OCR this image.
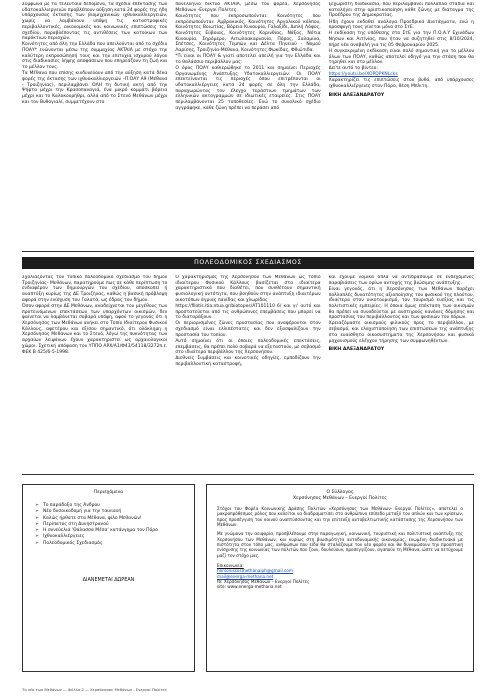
Σύμφωνα με τα τελευταία δεδομένα, τα σχέδια επέκτασης των υδατοκαλλιεργειών προβλέπουν αύξηση κατά 24 φορές της ήδη υπάρχουσας έκτασης των βιομηχανικών ιχθυοκαλλιεργειών, χωρίς να λαμβάνουν υπόψη τις καταστροφικές περιβαλλοντικές, οικονομικές και κοινωνικές επιπτώσεις του σχεδίου, παραβλέποντας τις αντιθέσεις των κατοίκων των παρόκτιων περιοχών.

Κοινότητες από όλη την Ελλάδα που απειλούνται από το σχέδιο ΠΟΑΥ* ενώνονται μέσω της συμμαχίας AKTAIA με στόχο την καλύτερη εκπροσώπησή τους και την επιτυχία ισχυρού λόγου στις διαδικασίες λήψης αποφάσεων που επηρεάζουν τη ζωή και το μέλλον τους.

Τα Μέθανα που επίσης κινδυνεύουν από την αύξηση κατά δέκα φορές της έκτασης των ιχθυοκαλλιεργειών –Π.ΟΑΥ Α9 (Μέθανα - Τροιζηνίας), περιλαμβάνει ΟΛΗ τη δυτική ακτή από την Ψήφτα μέχρι την Κρασοπαναγιά, ένα μικρό κομμάτι βόρεια μέχρι και το Καλοκουρήθρι, αλλά από το Στενό Μεθάνων μέχρι και τον Βυθογιαλί, συμμετέχουν στο

πανελλήνιο δίκτυο AKTAIA, μέσω του φορέα, Χερσόνησος Μεθάνων -Ενεργοί Πολίτες.

Κοινότητες που εκπροσωπούνται: Κοινότητες που εκπροσωπούνται: Αμβρακικός, Κοινότητες Αργολικού κόλπου, Κοινότητες Βοιωτίας, Βόρεια Κυνουρία, Γαλαξίδι, Διπλή Λόφος, Κοινότητες Εύβοιας, Κοινότητες Κορινθίας, Νάξος, Νότια Κυνουρία, Σηρόμερο, Αιτωλοακαρνανία, Πόρος, Σαλαμίνα, Σπέτσες, Κοινότητες Τεμπών και Δέλτα Πηνειού - Νομού Λαρίσης, Τροιζηνία-Μέθανα, Κοινότητες Φωκίδας, Φθιώτιδα.

*Τι είναι οι ΠΟΑΥ & γιατί αποτελεί απειλή για την Ελλάδα και το θαλάσσιο περιβάλλον μας:

Ο όρος ΠΟΑΥ καθιερώθηκε το 2011 και σημαίνει Περιοχές Οργανωμένης Ανάπτυξης Υδατοκαλλιεργειών. Οι ΠΟΑΥ επεκτείνονται τις περιοχές όπου επιτρέπονται οι υδατοκαλλιέργειες κατά 24 φορές σε όλη την Ελλάδα, παραχωρώντας τον έλεγχο τεράστιων τμημάτων των ελληνικών ακτογραμμών σε ιδιωτικές εταιρείες. Στις ΠΟΑΥ περιλαμβάνονται 25 τοποθεσίες. Ενώ το συνολικό σχέδιο αγγράφηκε, κάθε ζώνη πρέπει να περάσει από

ξεχωριστή διαδικασία, που περιλαμβάνει πολλαπλά στάδια και καταλήγει στην οριστικοποίηση κάθε ζώνης με διάταγμα της Προέδρου της Δημοκρατίας.

Ήδη έχουν εκδοθεί ανάλογα Προεδρικά Διατάγματα, ενώ η προσφυγή τους γίνεται μόνο στο ΣτΕ.

Η εκδίκαση της υπόθεσης στο ΣτΕ για την Π.Ο.Α.Υ Εχινάδων Νήσων και Αιτ/νίας, που ήταν να συζητηθεί στις 8/10/2024, πήρε νέα αναβολή για τις 05 Φεβρουαρίου 2025.

Η συγκεκριμένη εκδίκαση είναι πολύ σημαντική για το μέλλον όλων των ΠΟΑΥ, καθώς αποτελεί οδηγό για την στάση που θα τηρηθεί και στο μέλλον.

Δείτε αυτό το βίντεο:

https://youtu.be/XOPDPKNLcks

Χαρακτηρίζει τις επιπτώσεις στον βυθό, από υπάρχουσες ιχθυοκαλλιέργειες στον Πόρο, θέση Μπλιτη.

ΒΙΚΗ ΑΛΕΞΑΝΔΡΑΤΟΥ
ΠΟΛΕΟΔΟΜΙΚΟΣ ΣΧΕΔΙΑΣΜΟΣ

Σχολιάζοντας τον τοπικό πολεοδομικό σχεδιασμό του δήμου Τροιζηνίας- Μεθάνων, παρατηρούμε πως σε κάθε περίπτωση το ενδιαφέρον των δημιουργών του σχεδίου, αποσκοπεί ή αναπτύξη κυρίως της ΔΕ Τροιζήνας, καθώς η βασική πρόβλεψη αφορά στην ενίσχυση του Γαλατά, ως έδρας του δήμου.

Όσον αφορά στην ΔΕ Μεθάνων, αναδείχνεται του μεγέθους των προτεινόμενων επεκτάσεων των υπαρχόντων οικισμών, δεν φαίνεται να λαμβάνεται σοβαρά υπόψη, αφού το γεγονός ότι η Χερσόνησος των Μεθάνων ανήκει στο Τοπίο Ιδιαίτερου Φυσικού Κάλλους, αφετέρου και εξίσου σημαντικό, ότι ολόκληρη η Χερσόνησος Μεθάνων και το Στενό, λόγω της πυκνότητας των αρχαίων λειψάνων έχουν χαρακτηριστεί ως αρχαιολογικοί χώροι. Σχετική απόφαση του ΥΠΠΟ ΑΡΧ/Α1/Φ43/54118/3272π.ε. ΦΕΚ Β 425/6-5-1998.

Ο χαρακτηρισμός της Χερσονήσου των Μεθάνων ως τοπίο ιδιαίτερου Φυσικού Κάλλους βασίζεται στα ιδιαίτερα χαρακτηριστικά που διαθέτει, που συνθέτουν σημαντική φυσιολογική οντότητα, που βοηθούν στην ανάπτυξη ιδιαιτέρων οικοτόπων άγριας πανίδας και χλωρίδας

https://filotis.itia.ntua.gr/biotopes/AT101110 6/ και γι' αυτό και προστατεύεται από τις ανθρώπινες επεμβάσεις που μπορεί να το διαταράξουν.

Οι περιορισμένες ζώνες προστασίας που αναφέρονται στον σχεδιασμό είναι ελλιπέστατες και δεν εξασφαλίζουν την προστασία του τοπίου.

Αυτό σημαίνει ότι οι όποιες πολεοδομικές επεκτάσεις, επεμβάσεις, θα πρέπει πολύ σοβαρά να εξεταστούν, με σεβασμό στο ιδιαίτερο περιβάλλον της Χερσονήσου.

Διεθνείς Συμβάσεις και κοινοτικές οδηγίες, εμποδίζουν την περιβαλλοντική καταστροφή,

και έχουμε νομικά όπλα να αντιδράσουμε σε ενδεχόμενες παραβιάσεις των ορίων αντοχής της βιώσιμης ανάπτυξης.

Είναι γεγονός, ότι η Χερσόνησος των Μεθάνων παρέχει πολλαπλές δυνατότητες αξιοποίησης του φυσικού της πλούτου, ιδιαίτερα στον οικοτουρισμό, τον τουρισμό ευεξίας και τις πολιτιστικές εμπειρίες. Η όποια όμως επέκταση των οικισμών θα πρέπει να συνοδεύεται με αυστηρούς κανόνες δόμησης και προστασίας του περιβάλλοντος και των φυσικών του πόρων.

Χρειαζόμαστε οικισμούς φιλικούς προς το περιβάλλον, με σεβασμό, και ελαχιστοποίηση των επιπτώσεων της ανάπτυξης στα ευαίσθητα οικοσυστήματα της Χερσονήσου και φυσικά μηχανισμούς ελέγχου τήρησης των συμφωνηθέντων.

ΒΙΚΗ ΑΛΕΞΑΝΔΡΑΤΟΥ
Περιεχόμενα
➢ Το παράδοξο της Άνδρου
➢ Νέο δυσοικοδομή για την ταινιανή
➢ Καλώς ήρθατε στα Μέθανα, φίλο Μεθανών!
➢ Περίπατος στη Δυνηστρανού
➢ Η συνεύελιά 'Θάλασσα Μέσα' κατάνγημα τον Πόρο
➢ Ιχθυοκαλλιέργειες
➢ Πολεοδομικός Σχεδιασμός
ΔΙΑΝΕΜΕΤΑΙ ΔΩΡΕΑΝ
Ο Σύλλογος
Χερσόνησος Μεθάνων – Ενεργοί Πολίτες

Στόχοι του Φορέα Κοινωνικής Δράσης Πολιτών «Χερσόνησος των Μεθάνων- Ενεργοί Πολίτες», αποτελεί ο μακροπρόθεσμος ρόλος που καλείται να διαδραματίσει στο ανθρώπινο επίπεδο μεταξύ του απλών και των κρίσεων, προς προσέγγιση του κοινού αναπτύσσοντας και την επίτευξη αυτοβελτιωτικής κατάστασης της Χερσονήσου των Μεθάνων.

Με γνώμονα την αειφορία, προσβλέπουμε στην παραγωγική, κοινωνική, τουριστική και πολιτιστική ανάπτυξη της Χερσονήσου των Μεθάνων, και κυρίως στη βιωσιμότητα αυτοδυναμικής οικονομίας, ενωμένη διαδικτυακά με πιστότητα στον τόπο μας, ανθρώπων που είδα θα σταλάζουμε τον νέο φορέα και θα δυναμώσουν την προοπτική ενίσχυσης της κοινωνίας των πολιτών που ζουν, δουλεύουν, προσεγγίζουν, αγαπούν τη Μέθανα, ώστε να πετύχουμε μαζί τον στόχο μας.

Επικοινωνία:
hersonissosmethanaiph@gmail.com
mail@energa-methana.net
fb: Χερσόνησος Μεθάνων – Ενεργοί Πολίτες
site: www.energa-methana.net
Το νέο των Μεθάνων — Φύλλο 2 — Χερσόνησος Μεθάνων - Ενεργοί Πολίτες
